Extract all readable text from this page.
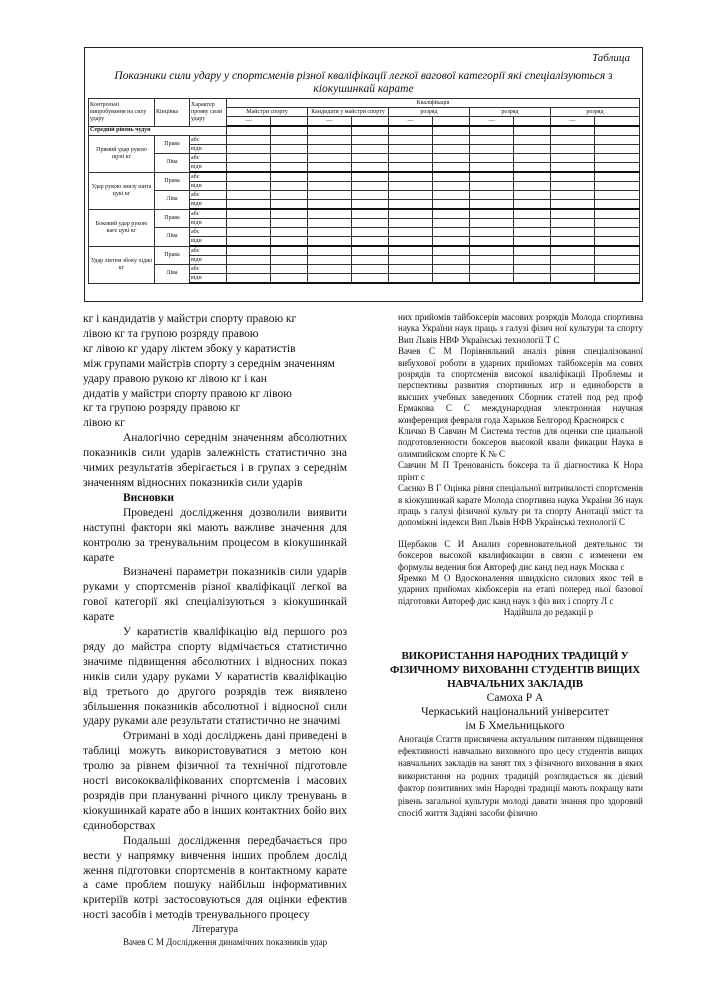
Таблица
Показники сили удару у спортсменів різної кваліфікації легкої вагової категорії які спеціалізуються з кіокушинкай карате
Контрольні випробування на силу удару	Кінцівка	Характер прояву сили удару	Кваліфікація									
			Майстри спорту		Кандидати у майстри спорту		розряд		розряд		розряд	
			—		—		—		—		—	
Середній рівень чудун												
Прямий удар рукою щуні кг	Права	абс										
		відн										
	Ліва	абс										
		відн										
Удар рукою знизу шита цукі кг	Права	абс										
		відн										
	Ліва	абс										
		відн										
Боковий удар рукою каге цукі кг	Права	абс										
		відн										
	Ліва	абс										
		відн										
Удар ліктем збоку хіджі кг	Права	абс										
		відн										
	Ліва	абс										
		відн										

кг і кандидатів у майстри спорту правою кг

лівою кг та групою розряду правою

кг лівою кг удару ліктем збоку у каратистів

між групами майстрів спорту з середнім значенням

удару правою рукою кг лівою кг і кан

дидатів у майстри спорту правою кг лівою

кг та групою розряду правою кг

лівою кг

Аналогічно середнім значенням абсолютних показників сили ударів залежність статистично зна чимих результатів зберігається і в групах з середнім значенням відносних показників сили ударів

Висновки

Проведені дослідження дозволили виявити наступні фактори які мають важливе значення для контролю за тренувальним процесом в кіокушинкай карате

Визначені параметри показників сили ударів руками у спортсменів різної кваліфікації легкої ва гової категорії які спеціалізуються з кіокушинкай карате

У каратистів кваліфікацію від першого роз ряду до майстра спорту відмічається статистично значиме підвищення абсолютних і відносних показ ників сили удару руками У каратистів кваліфікацію від третього до другого розрядів теж виявлено збільшення показників абсолютної і відносної сили удару руками але результати статистично не значимі

Отримані в ході досліджень дані приведені в таблиці можуть використовуватися з метою кон тролю за рівнем фізичної та технічної підготовле ності висококваліфікованих спортсменів і масових розрядів при плануванні річного циклу тренувань в кіокушинкай карате або в інших контактних бойо вих єдиноборствах

Подальші дослідження передбачається про вести у напрямку вивчення інших проблем дослід ження підготовки спортсменів в контактному карате а саме проблем пошуку найбільш інформативних критеріїв котрі застосовуються для оцінки ефектив ності засобів і методів тренувального процесу

Література

Вачев С М Дослідження динамічних показників удар

них прийомів тайбоксерів масових розрядів Молода спортивна наука України наук праць з галузі фізич ної культури та спорту Вип Львів НВФ Українські технології Т С

Вачев С М Порівняльний аналіз рівня спеціалізованої вибухової роботи в ударних прийомах тайбоксерів ма сових розрядів та спортсменів високої кваліфікації Проблемы и перспективы развития спортивных игр и единоборств в высших учебных заведениях Сборник статей под ред проф Ермакова С С международная электронная научная конференция февраля года Харьков Белгород Красноярск с

Кличко В Савчин М Система тестов для оценки спе циальной подготовленности боксеров высокой квали фикации Наука в олимпийском спорте К № С

Савчин М П Тренованість боксера та її діагностика К Нора прінт с

Саєнко В Г Оцінка рівня спеціальної витривалості спортсменів в кіокушинкай карате Молода спортивна наука України 36 наук праць з галузі фізичної культу ри та спорту Анотації зміст та допоміжні індекси Вип Львів НФВ Українські технології С

Щербаков С И Анализ соревновательной деятельнос ти боксеров высокой квалификации в связи с изменени ем формулы ведения боя Автореф дис канд пед наук Москва с

Яремко М О Вдосконалення швидкісно силових якос тей в ударних прийомах кікбоксерів на етапі поперед ньої базової підготовки Автореф дис канд наук з фіз вих і спорту Л с

Надійшла до редакції р

ВИКОРИСТАННЯ НАРОДНИХ ТРАДИЦІЙ У ФІЗИЧНОМУ ВИХОВАННІ СТУДЕНТІВ ВИЩИХ НАВЧАЛЬНИХ ЗАКЛАДІВ
Самоха Р А
Черкаський національний університет ім Б Хмельницького

Анотація Стаття присвячена актуальним питанням підвищення ефективності навчально виховного про цесу студентів вищих навчальних закладів на занят тях з фізичного виховання в яких використання на родних традицій розглядається як дієвий фактор позитивних змін Народні традиції мають покращу вати рівень загальної культури молоді давати знання про здоровий спосіб життя Задіяні засоби фізично
